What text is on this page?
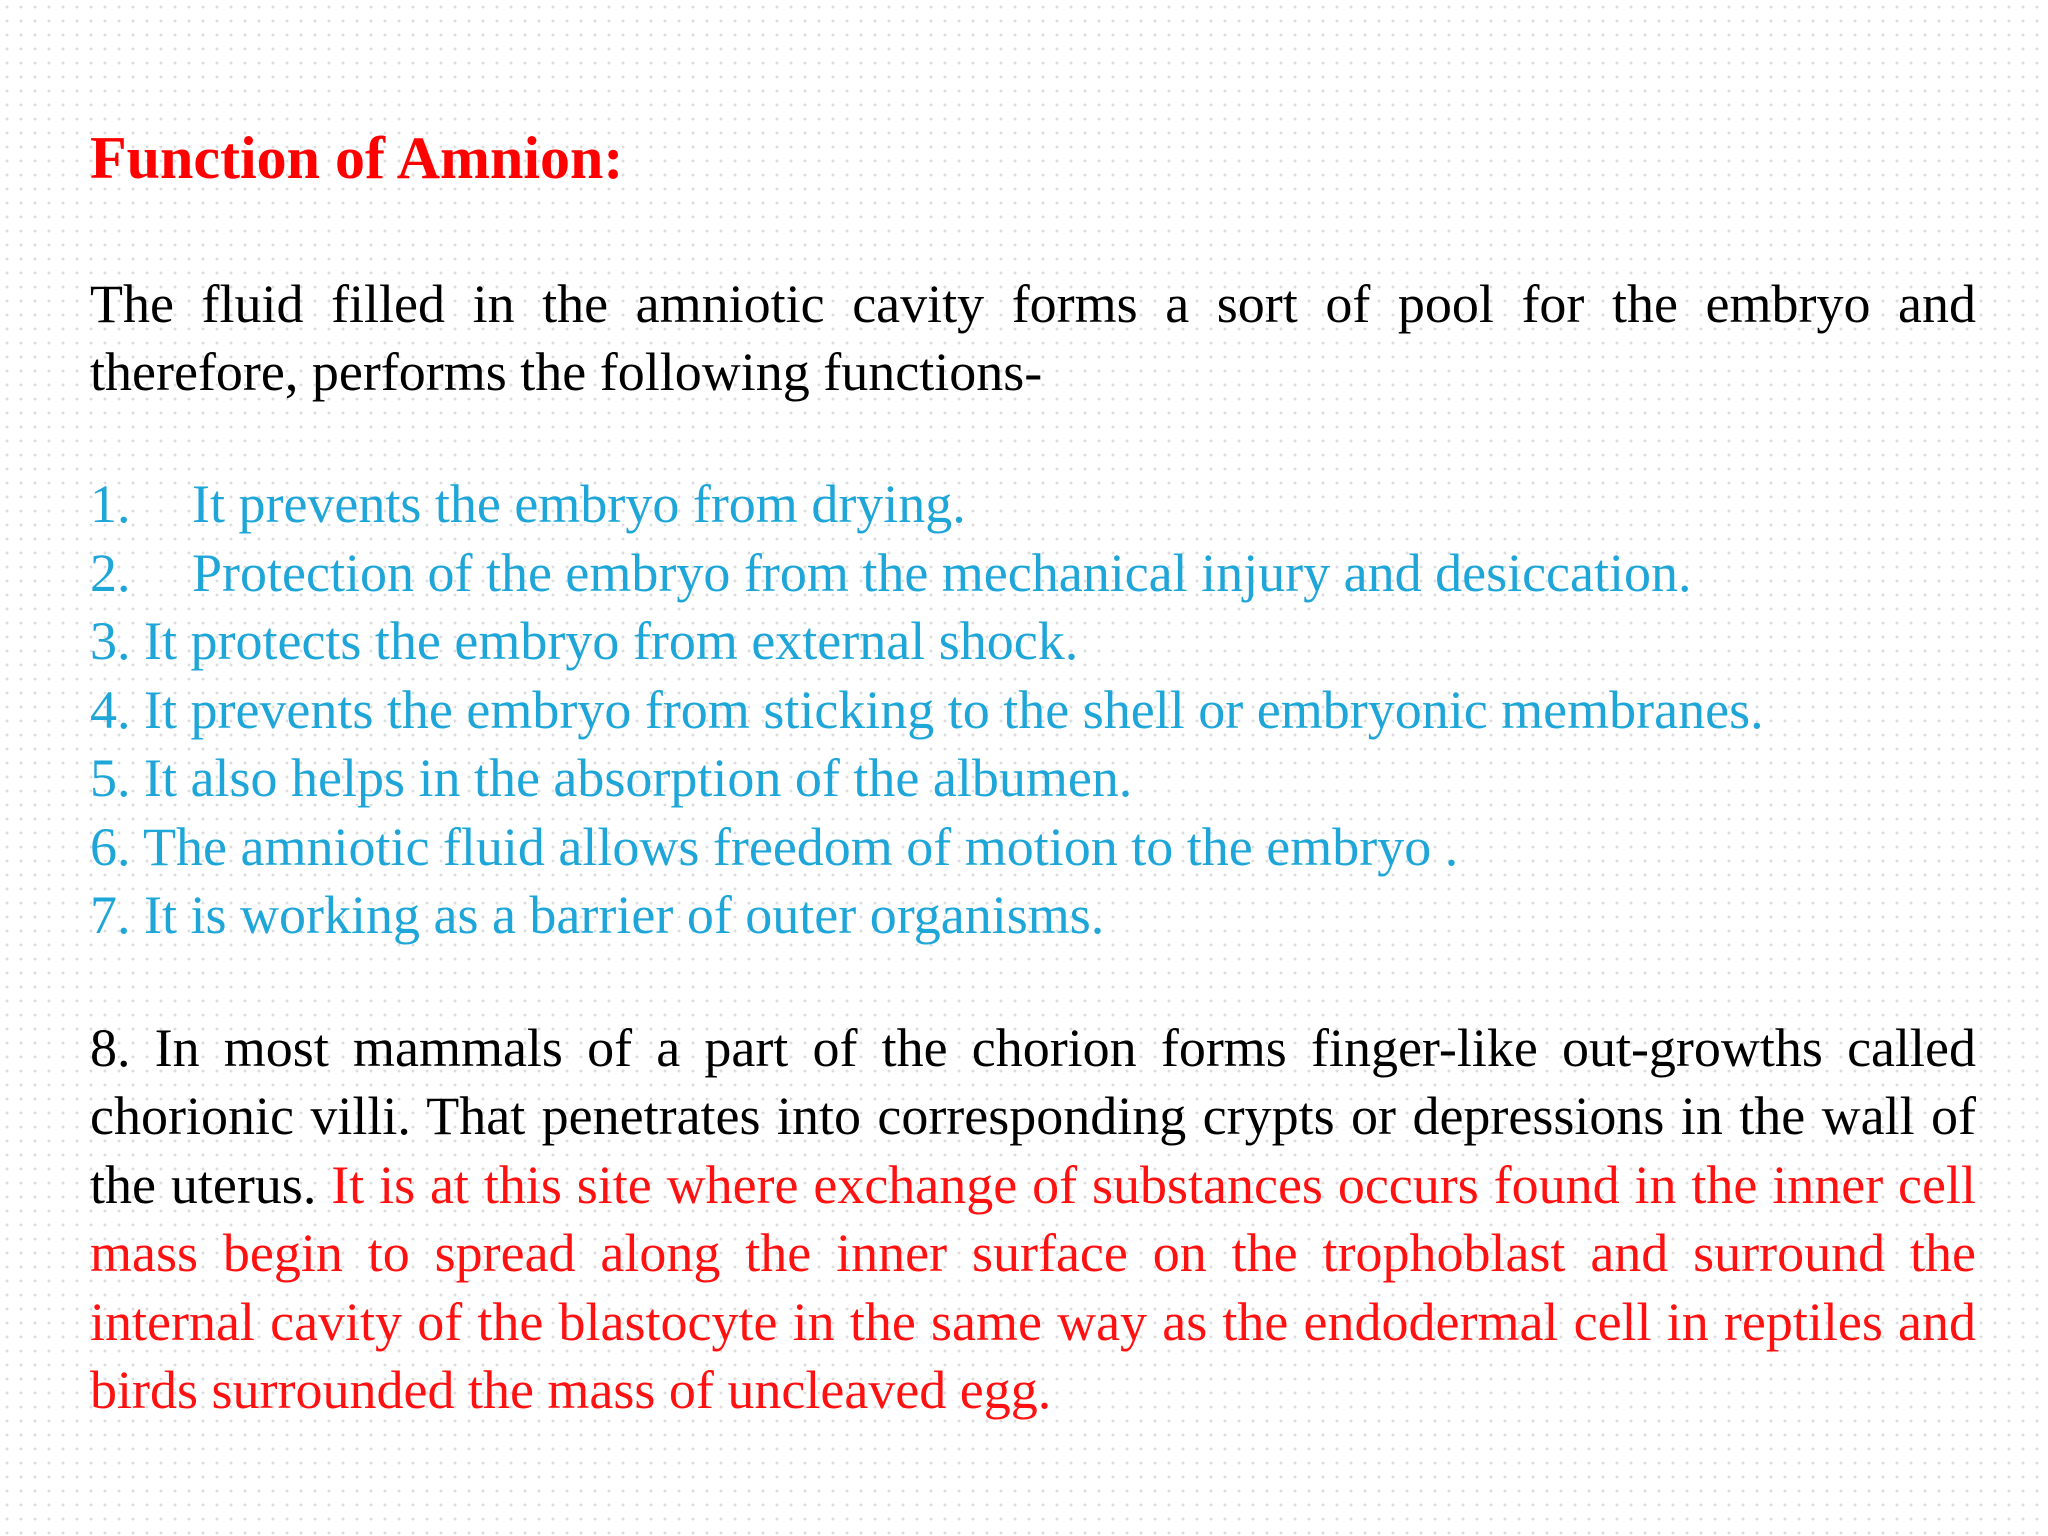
Function of Amnion:

The fluid filled in the amniotic cavity forms a sort of pool for the embryo and therefore, performs the following functions-

1. It prevents the embryo from drying.
2. Protection of the embryo from the mechanical injury and desiccation.
3. It protects the embryo from external shock.
4. It prevents the embryo from sticking to the shell or embryonic membranes.
5. It also helps in the absorption of the albumen.
6. The amniotic fluid allows freedom of motion to the embryo .
7. It is working as a barrier of outer organisms.

8. In most mammals of a part of the chorion forms finger-like out-growths called chorionic villi. That penetrates into corresponding crypts or depressions in the wall of the uterus. It is at this site where exchange of substances occurs found in the inner cell mass begin to spread along the inner surface on the trophoblast and surround the internal cavity of the blastocyte in the same way as the endodermal cell in reptiles and birds surrounded the mass of uncleaved egg.
